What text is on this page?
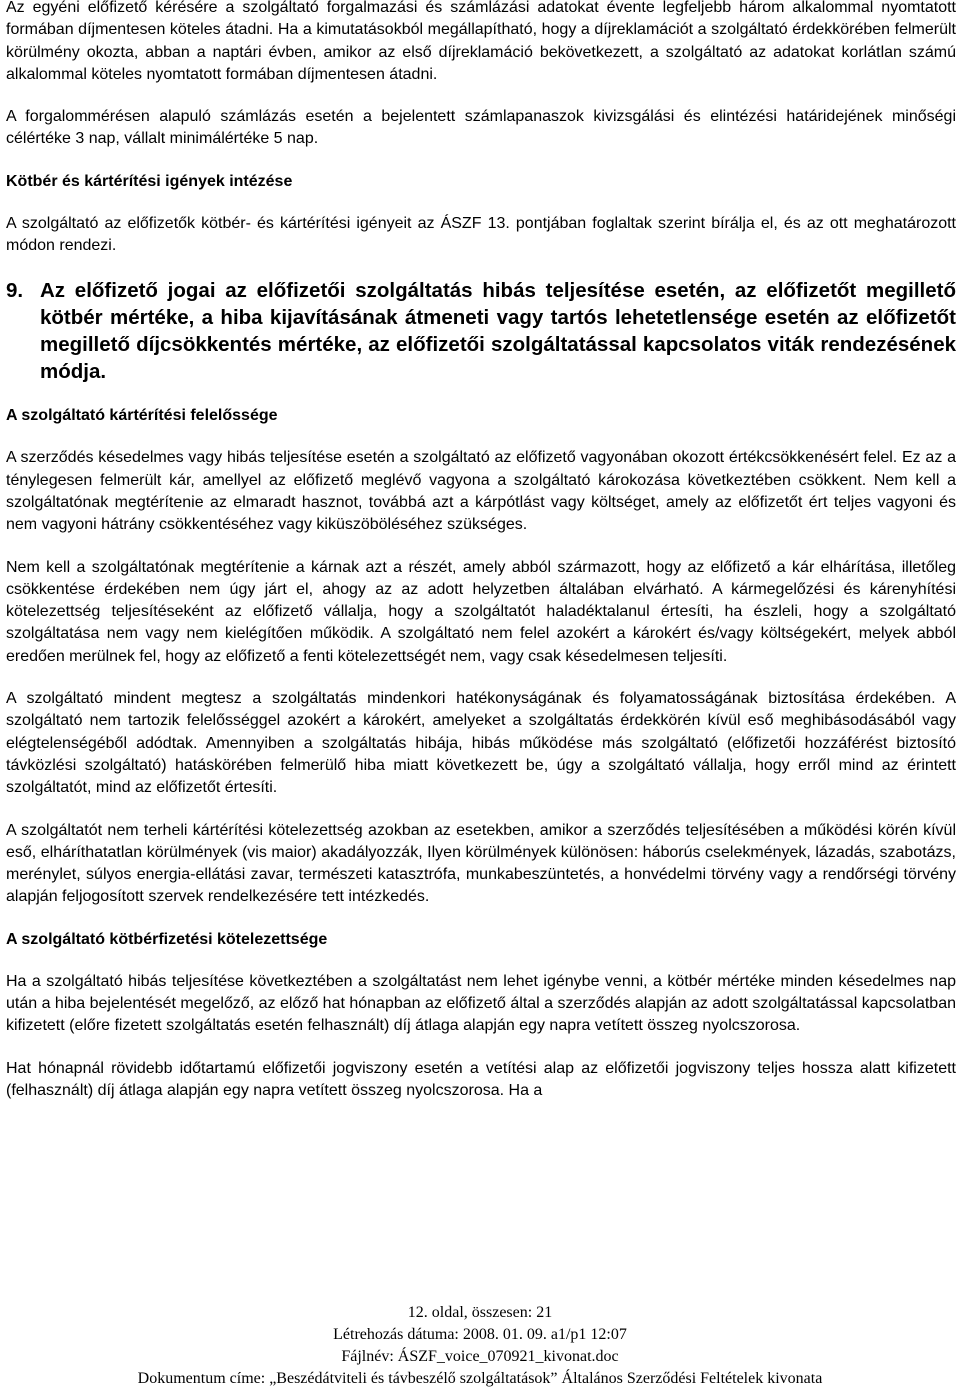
Az egyéni előfizető kérésére a szolgáltató forgalmazási és számlázási adatokat évente legfeljebb három alkalommal nyomtatott formában díjmentesen köteles átadni. Ha a kimutatásokból megállapítható, hogy a díjreklamációt a szolgáltató érdekkörében felmerült körülmény okozta, abban a naptári évben, amikor az első díjreklamáció bekövetkezett, a szolgáltató az adatokat korlátlan számú alkalommal köteles nyomtatott formában díjmentesen átadni.

A forgalommérésen alapuló számlázás esetén a bejelentett számlapanaszok kivizsgálási és elintézési határidejének minőségi célértéke 3 nap, vállalt minimálértéke 5 nap.

Kötbér és kártérítési igények intézése

A szolgáltató az előfizetők kötbér- és kártérítési igényeit az ÁSZF 13. pontjában foglaltak szerint bírálja el, és az ott meghatározott módon rendezi.

9. Az előfizető jogai az előfizetői szolgáltatás hibás teljesítése esetén, az előfizetőt megillető kötbér mértéke, a hiba kijavításának átmeneti vagy tartós lehetetlensége esetén az előfizetőt megillető díjcsökkentés mértéke, az előfizetői szolgáltatással kapcsolatos viták rendezésének módja.

A szolgáltató kártérítési felelőssége

A szerződés késedelmes vagy hibás teljesítése esetén a szolgáltató az előfizető vagyonában okozott értékcsökkenésért felel. Ez az a ténylegesen felmerült kár, amellyel az előfizető meglévő vagyona a szolgáltató károkozása következtében csökkent. Nem kell a szolgáltatónak megtérítenie az elmaradt hasznot, továbbá azt a kárpótlást vagy költséget, amely az előfizetőt ért teljes vagyoni és nem vagyoni hátrány csökkentéséhez vagy kiküszöböléséhez szükséges.

Nem kell a szolgáltatónak megtérítenie a kárnak azt a részét, amely abból származott, hogy az előfizető a kár elhárítása, illetőleg csökkentése érdekében nem úgy járt el, ahogy az az adott helyzetben általában elvárható. A kármegelőzési és kárenyhítési kötelezettség teljesítéseként az előfizető vállalja, hogy a szolgáltatót haladéktalanul értesíti, ha észleli, hogy a szolgáltató szolgáltatása nem vagy nem kielégítően működik. A szolgáltató nem felel azokért a károkért és/vagy költségekért, melyek abból eredően merülnek fel, hogy az előfizető a fenti kötelezettségét nem, vagy csak késedelmesen teljesíti.

A szolgáltató mindent megtesz a szolgáltatás mindenkori hatékonyságának és folyamatosságának biztosítása érdekében. A szolgáltató nem tartozik felelősséggel azokért a károkért, amelyeket a szolgáltatás érdekkörén kívül eső meghibásodásából vagy elégtelenségéből adódtak. Amennyiben a szolgáltatás hibája, hibás működése más szolgáltató (előfizetői hozzáférést biztosító távközlési szolgáltató) hatáskörében felmerülő hiba miatt következett be, úgy a szolgáltató vállalja, hogy erről mind az érintett szolgáltatót, mind az előfizetőt értesíti.

A szolgáltatót nem terheli kártérítési kötelezettség azokban az esetekben, amikor a szerződés teljesítésében a működési körén kívül eső, elháríthatatlan körülmények (vis maior) akadályozzák, Ilyen körülmények különösen: háborús cselekmények, lázadás, szabotázs, merénylet, súlyos energia-ellátási zavar, természeti katasztrófa, munkabeszüntetés, a honvédelmi törvény vagy a rendőrségi törvény alapján feljogosított szervek rendelkezésére tett intézkedés.

A szolgáltató kötbérfizetési kötelezettsége

Ha a szolgáltató hibás teljesítése következtében a szolgáltatást nem lehet igénybe venni, a kötbér mértéke minden késedelmes nap után a hiba bejelentését megelőző, az előző hat hónapban az előfizető által a szerződés alapján az adott szolgáltatással kapcsolatban kifizetett (előre fizetett szolgáltatás esetén felhasznált) díj átlaga alapján egy napra vetített összeg nyolcszorosa.

Hat hónapnál rövidebb időtartamú előfizetői jogviszony esetén a vetítési alap az előfizetői jogviszony teljes hossza alatt kifizetett (felhasznált) díj átlaga alapján egy napra vetített összeg nyolcszorosa. Ha a

12. oldal, összesen: 21
Létrehozás dátuma: 2008. 01. 09. a1/p1 12:07
Fájlnév: ÁSZF_voice_070921_kivonat.doc
Dokumentum címe: „Beszédátviteli és távbeszélő szolgáltatások” Általános Szerződési Feltételek kivonata
